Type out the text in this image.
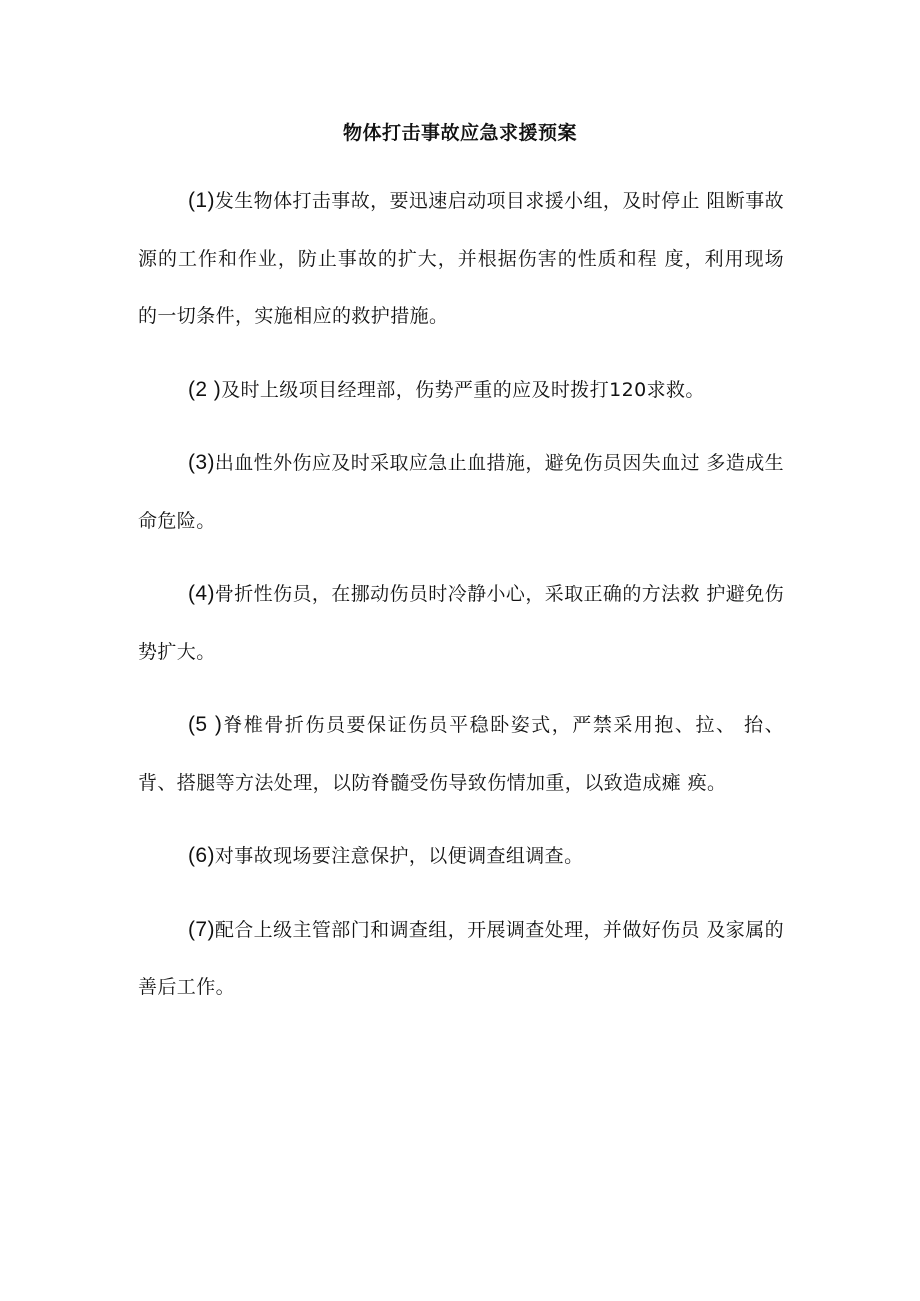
物体打击事故应急求援预案

(1)发生物体打击事故，要迅速启动项目求援小组，及时停止 阻断事故源的工作和作业，防止事故的扩大，并根据伤害的性质和程 度，利用现场的一切条件，实施相应的救护措施。

(2 )及时上级项目经理部，伤势严重的应及时拨打120求救。

(3)出血性外伤应及时采取应急止血措施，避免伤员因失血过 多造成生命危险。

(4)骨折性伤员，在挪动伤员时冷静小心，采取正确的方法救 护避免伤势扩大。

(5 )脊椎骨折伤员要保证伤员平稳卧姿式，严禁采用抱、拉、 抬、背、搭腿等方法处理，以防脊髓受伤导致伤情加重，以致造成瘫 痪。

(6)对事故现场要注意保护，以便调查组调查。

(7)配合上级主管部门和调查组，开展调查处理，并做好伤员 及家属的善后工作。
